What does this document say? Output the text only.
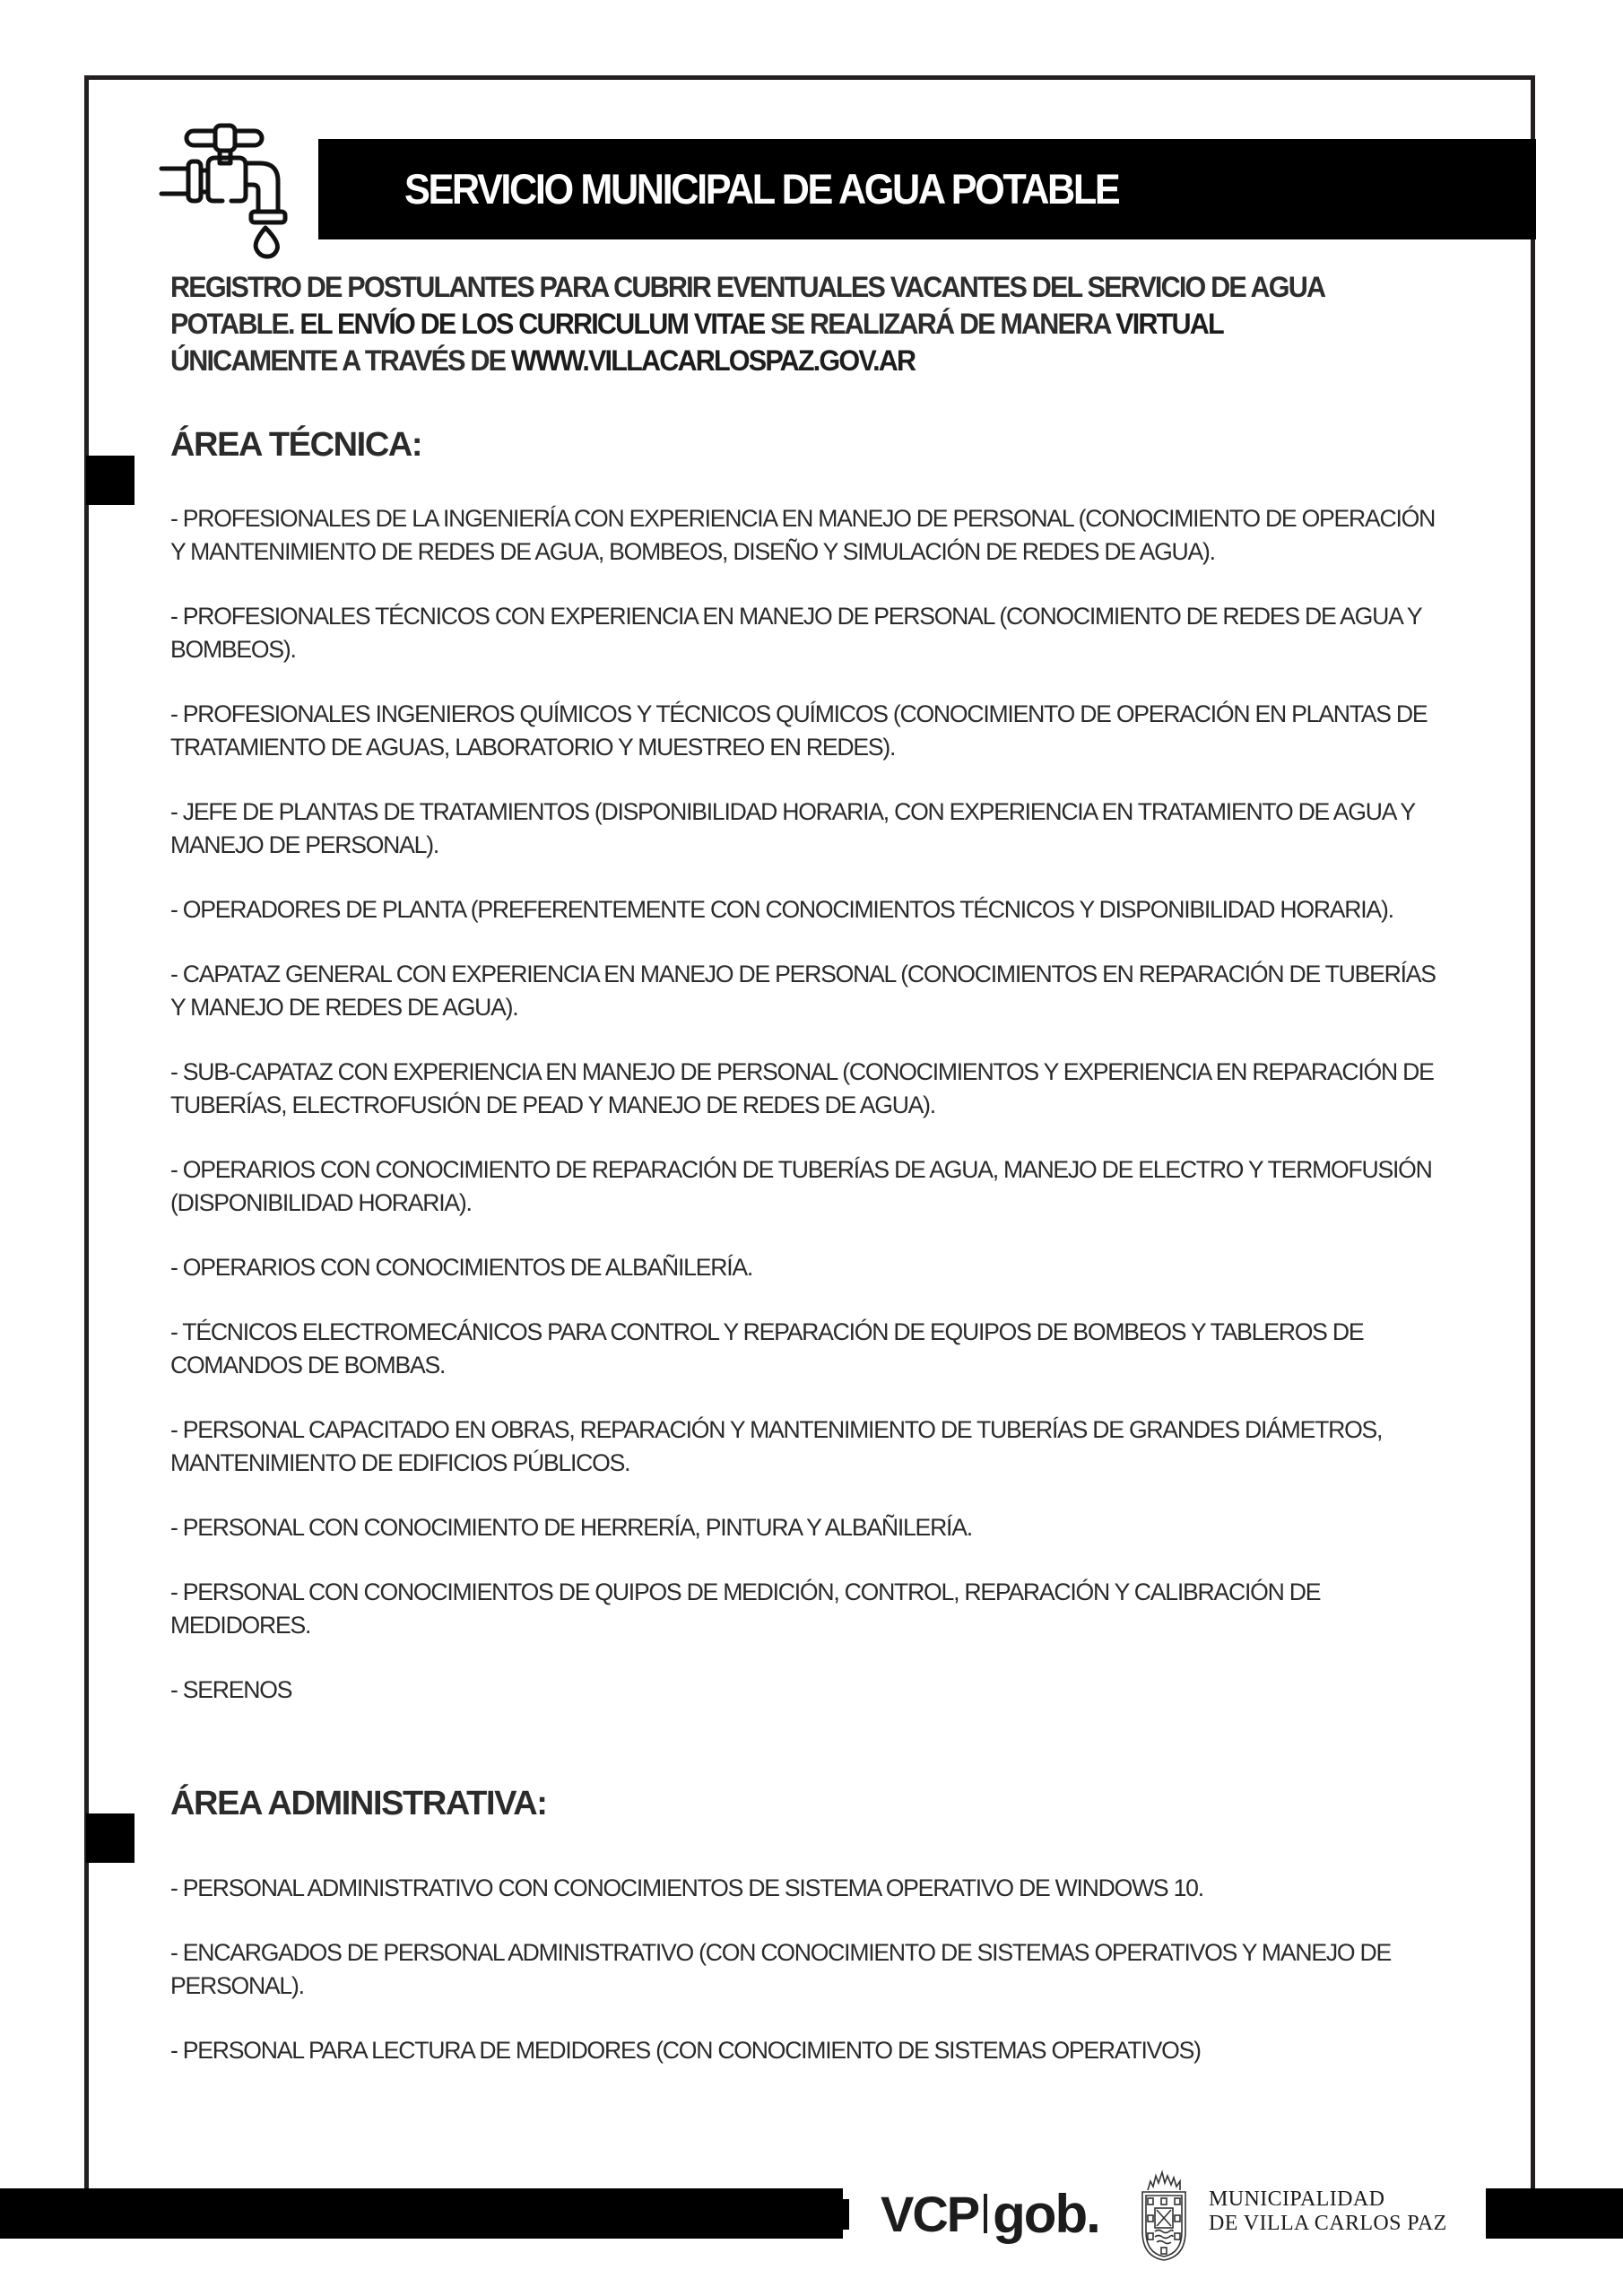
SERVICIO MUNICIPAL DE AGUA POTABLE
REGISTRO DE POSTULANTES PARA CUBRIR EVENTUALES VACANTES DEL SERVICIO DE AGUA POTABLE. EL ENVÍO DE LOS CURRICULUM VITAE SE REALIZARÁ DE MANERA VIRTUAL ÚNICAMENTE A TRAVÉS DE WWW.VILLACARLOSPAZ.GOV.AR
ÁREA TÉCNICA:
- PROFESIONALES DE LA INGENIERÍA CON EXPERIENCIA EN MANEJO DE PERSONAL (CONOCIMIENTO DE OPERACIÓN Y MANTENIMIENTO DE REDES DE AGUA, BOMBEOS, DISEÑO Y SIMULACIÓN DE REDES DE AGUA).
- PROFESIONALES TÉCNICOS CON EXPERIENCIA EN MANEJO DE PERSONAL (CONOCIMIENTO DE REDES DE AGUA Y BOMBEOS).
- PROFESIONALES INGENIEROS QUÍMICOS Y TÉCNICOS QUÍMICOS (CONOCIMIENTO DE OPERACIÓN EN PLANTAS DE TRATAMIENTO DE AGUAS, LABORATORIO Y MUESTREO EN REDES).
- JEFE DE PLANTAS DE TRATAMIENTOS (DISPONIBILIDAD HORARIA, CON EXPERIENCIA EN TRATAMIENTO DE AGUA Y MANEJO DE PERSONAL).
- OPERADORES DE PLANTA (PREFERENTEMENTE CON CONOCIMIENTOS TÉCNICOS Y DISPONIBILIDAD HORARIA).
- CAPATAZ GENERAL CON EXPERIENCIA EN MANEJO DE PERSONAL (CONOCIMIENTOS EN REPARACIÓN DE TUBERÍAS Y MANEJO DE REDES DE AGUA).
- SUB-CAPATAZ CON EXPERIENCIA EN MANEJO DE PERSONAL (CONOCIMIENTOS Y EXPERIENCIA EN REPARACIÓN DE TUBERÍAS, ELECTROFUSIÓN DE PEAD Y MANEJO DE REDES DE AGUA).
- OPERARIOS CON CONOCIMIENTO DE REPARACIÓN DE TUBERÍAS DE AGUA, MANEJO DE ELECTRO Y TERMOFUSIÓN (DISPONIBILIDAD HORARIA).
- OPERARIOS CON CONOCIMIENTOS DE ALBAÑILERÍA.
- TÉCNICOS ELECTROMECÁNICOS PARA CONTROL Y REPARACIÓN DE EQUIPOS DE BOMBEOS Y TABLEROS DE COMANDOS DE BOMBAS.
- PERSONAL CAPACITADO EN OBRAS, REPARACIÓN Y MANTENIMIENTO DE TUBERÍAS DE GRANDES DIÁMETROS, MANTENIMIENTO DE EDIFICIOS PÚBLICOS.
- PERSONAL CON CONOCIMIENTO DE HERRERÍA, PINTURA Y ALBAÑILERÍA.
- PERSONAL CON CONOCIMIENTOS DE QUIPOS DE MEDICIÓN, CONTROL, REPARACIÓN Y CALIBRACIÓN DE MEDIDORES.
- SERENOS
ÁREA ADMINISTRATIVA:
- PERSONAL ADMINISTRATIVO CON CONOCIMIENTOS DE SISTEMA OPERATIVO DE WINDOWS 10.
- ENCARGADOS DE PERSONAL ADMINISTRATIVO (CON CONOCIMIENTO DE SISTEMAS OPERATIVOS Y MANEJO DE PERSONAL).
- PERSONAL PARA LECTURA DE MEDIDORES (CON CONOCIMIENTO DE SISTEMAS OPERATIVOS)
VCP gob.	MUNICIPALIDAD
DE VILLA CARLOS PAZ
